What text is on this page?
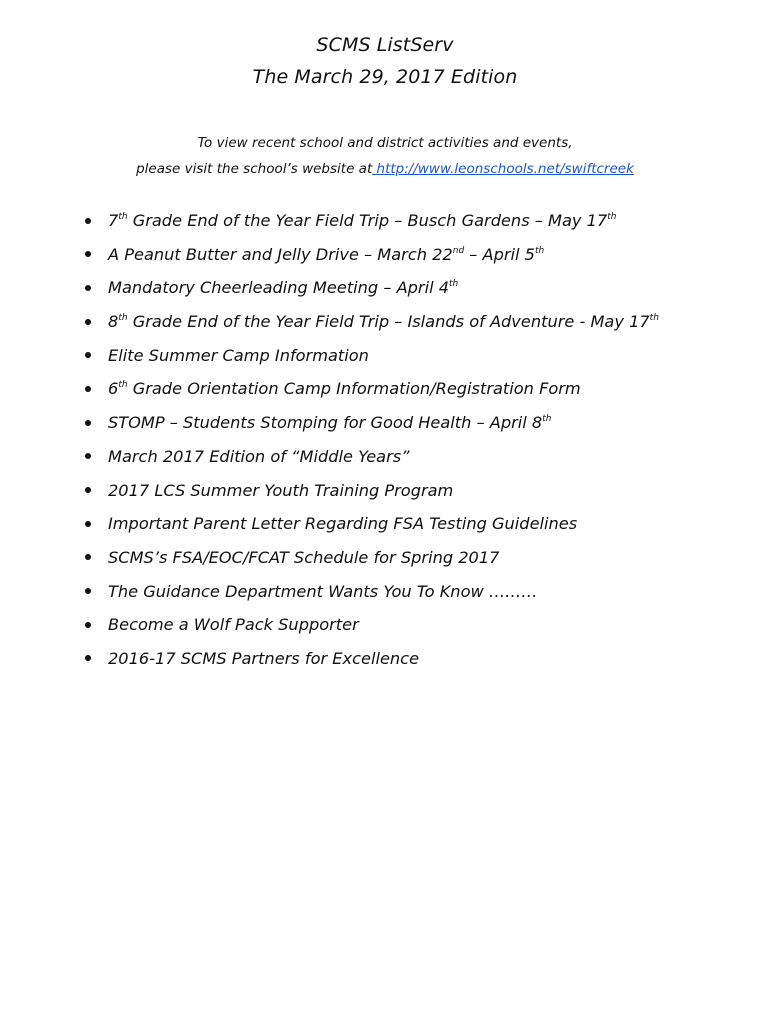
SCMS ListServ
The March 29, 2017 Edition
To view recent school and district activities and events,
please visit the school’s website at http://www.leonschools.net/swiftcreek
7th Grade End of the Year Field Trip – Busch Gardens – May 17th
A Peanut Butter and Jelly Drive – March 22nd – April 5th
Mandatory Cheerleading Meeting – April 4th
8th Grade End of the Year Field Trip – Islands of Adventure - May 17th
Elite Summer Camp Information
6th Grade Orientation Camp Information/Registration Form
STOMP – Students Stomping for Good Health – April 8th
March 2017 Edition of “Middle Years”
2017 LCS Summer Youth Training Program
Important Parent Letter Regarding FSA Testing Guidelines
SCMS’s FSA/EOC/FCAT Schedule for Spring 2017
The Guidance Department Wants You To Know ………
Become a Wolf Pack Supporter
2016-17 SCMS Partners for Excellence
